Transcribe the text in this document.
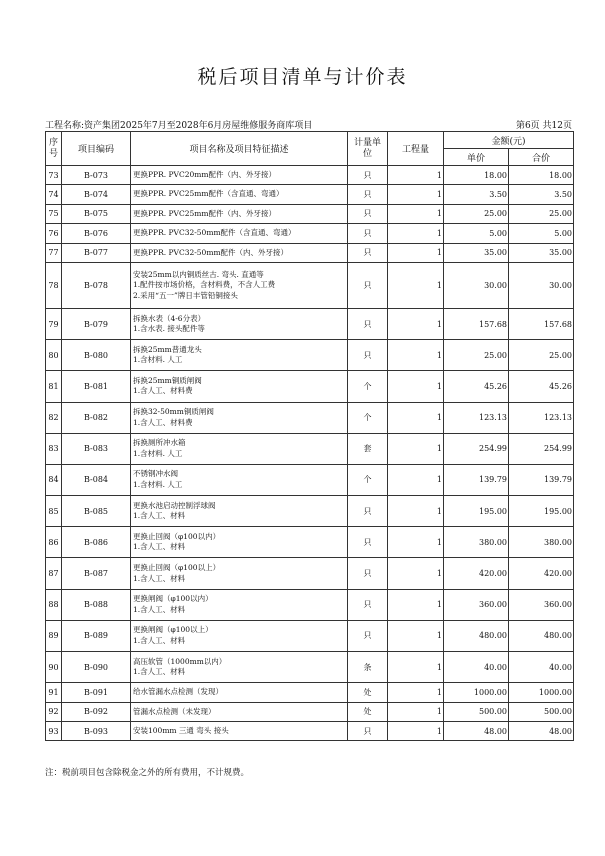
税后项目清单与计价表
工程名称:资产集团2025年7月至2028年6月房屋维修服务商库项目	第6页 共12页
序号	项目编码	项目名称及项目特征描述	计量单位	工程量	金额(元)	
					单价	合价
73	B-073	更换PPR. PVC20mm配件（内、外牙接）	只	1	18.00	18.00
74	B-074	更换PPR. PVC25mm配件（含直通、弯通）	只	1	3.50	3.50
75	B-075	更换PPR. PVC25mm配件（内、外牙接）	只	1	25.00	25.00
76	B-076	更换PPR. PVC32-50mm配件（含直通、弯通）	只	1	5.00	5.00
77	B-077	更换PPR. PVC32-50mm配件（内、外牙接）	只	1	35.00	35.00
78	B-078	安装25mm以内铜质丝古. 弯头. 直通等
1.配件按市场价格，含材料费，不含人工费
2.采用“五一”牌日丰管铅铜接头	只	1	30.00	30.00
79	B-079	拆换水表（4-6分表）
1.含水表. 接头配件等	只	1	157.68	157.68
80	B-080	拆换25mm普通龙头
1.含材料. 人工	只	1	25.00	25.00
81	B-081	拆换25mm铜质闸阀
1.含人工、材料费	个	1	45.26	45.26
82	B-082	拆换32-50mm铜质闸阀
1.含人工、材料费	个	1	123.13	123.13
83	B-083	拆换厕所冲水箱
1.含材料. 人工	套	1	254.99	254.99
84	B-084	不锈钢冲水阀
1.含材料. 人工	个	1	139.79	139.79
85	B-085	更换水池启动控制浮球阀
1.含人工、材料	只	1	195.00	195.00
86	B-086	更换止回阀（φ100以内）
1.含人工、材料	只	1	380.00	380.00
87	B-087	更换止回阀（φ100以上）
1.含人工、材料	只	1	420.00	420.00
88	B-088	更换闸阀（φ100以内）
1.含人工、材料	只	1	360.00	360.00
89	B-089	更换闸阀（φ100以上）
1.含人工、材料	只	1	480.00	480.00
90	B-090	高压软管（1000mm以内）
1.含人工、材料	条	1	40.00	40.00
91	B-091	给水管漏水点检测（发现）	处	1	1000.00	1000.00
92	B-092	管漏水点检测（未发现）	处	1	500.00	500.00
93	B-093	安装100mm 三通 弯头 接头	只	1	48.00	48.00
注：税前项目包含除税金之外的所有费用，不计规费。
